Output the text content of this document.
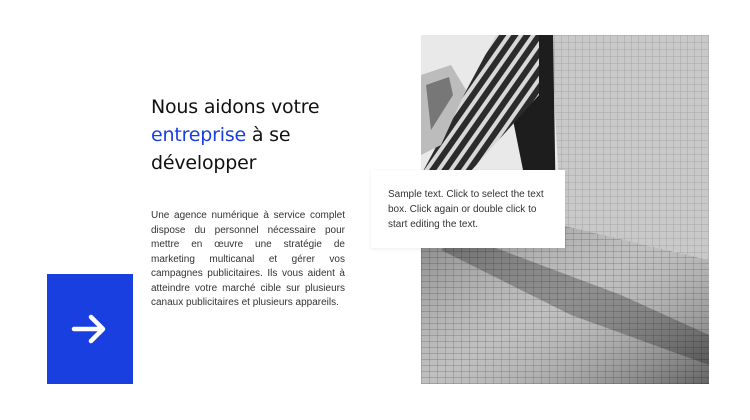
Nous aidons votre
entreprise à se
développer

Une agence numérique à service complet dispose du personnel nécessaire pour mettre en œuvre une stratégie de marketing multicanal et gérer vos campagnes publicitaires. Ils vous aident à atteindre votre marché cible sur plusieurs canaux publicitaires et plusieurs appareils.

Sample text. Click to select the text box. Click again or double click to start editing the text.
